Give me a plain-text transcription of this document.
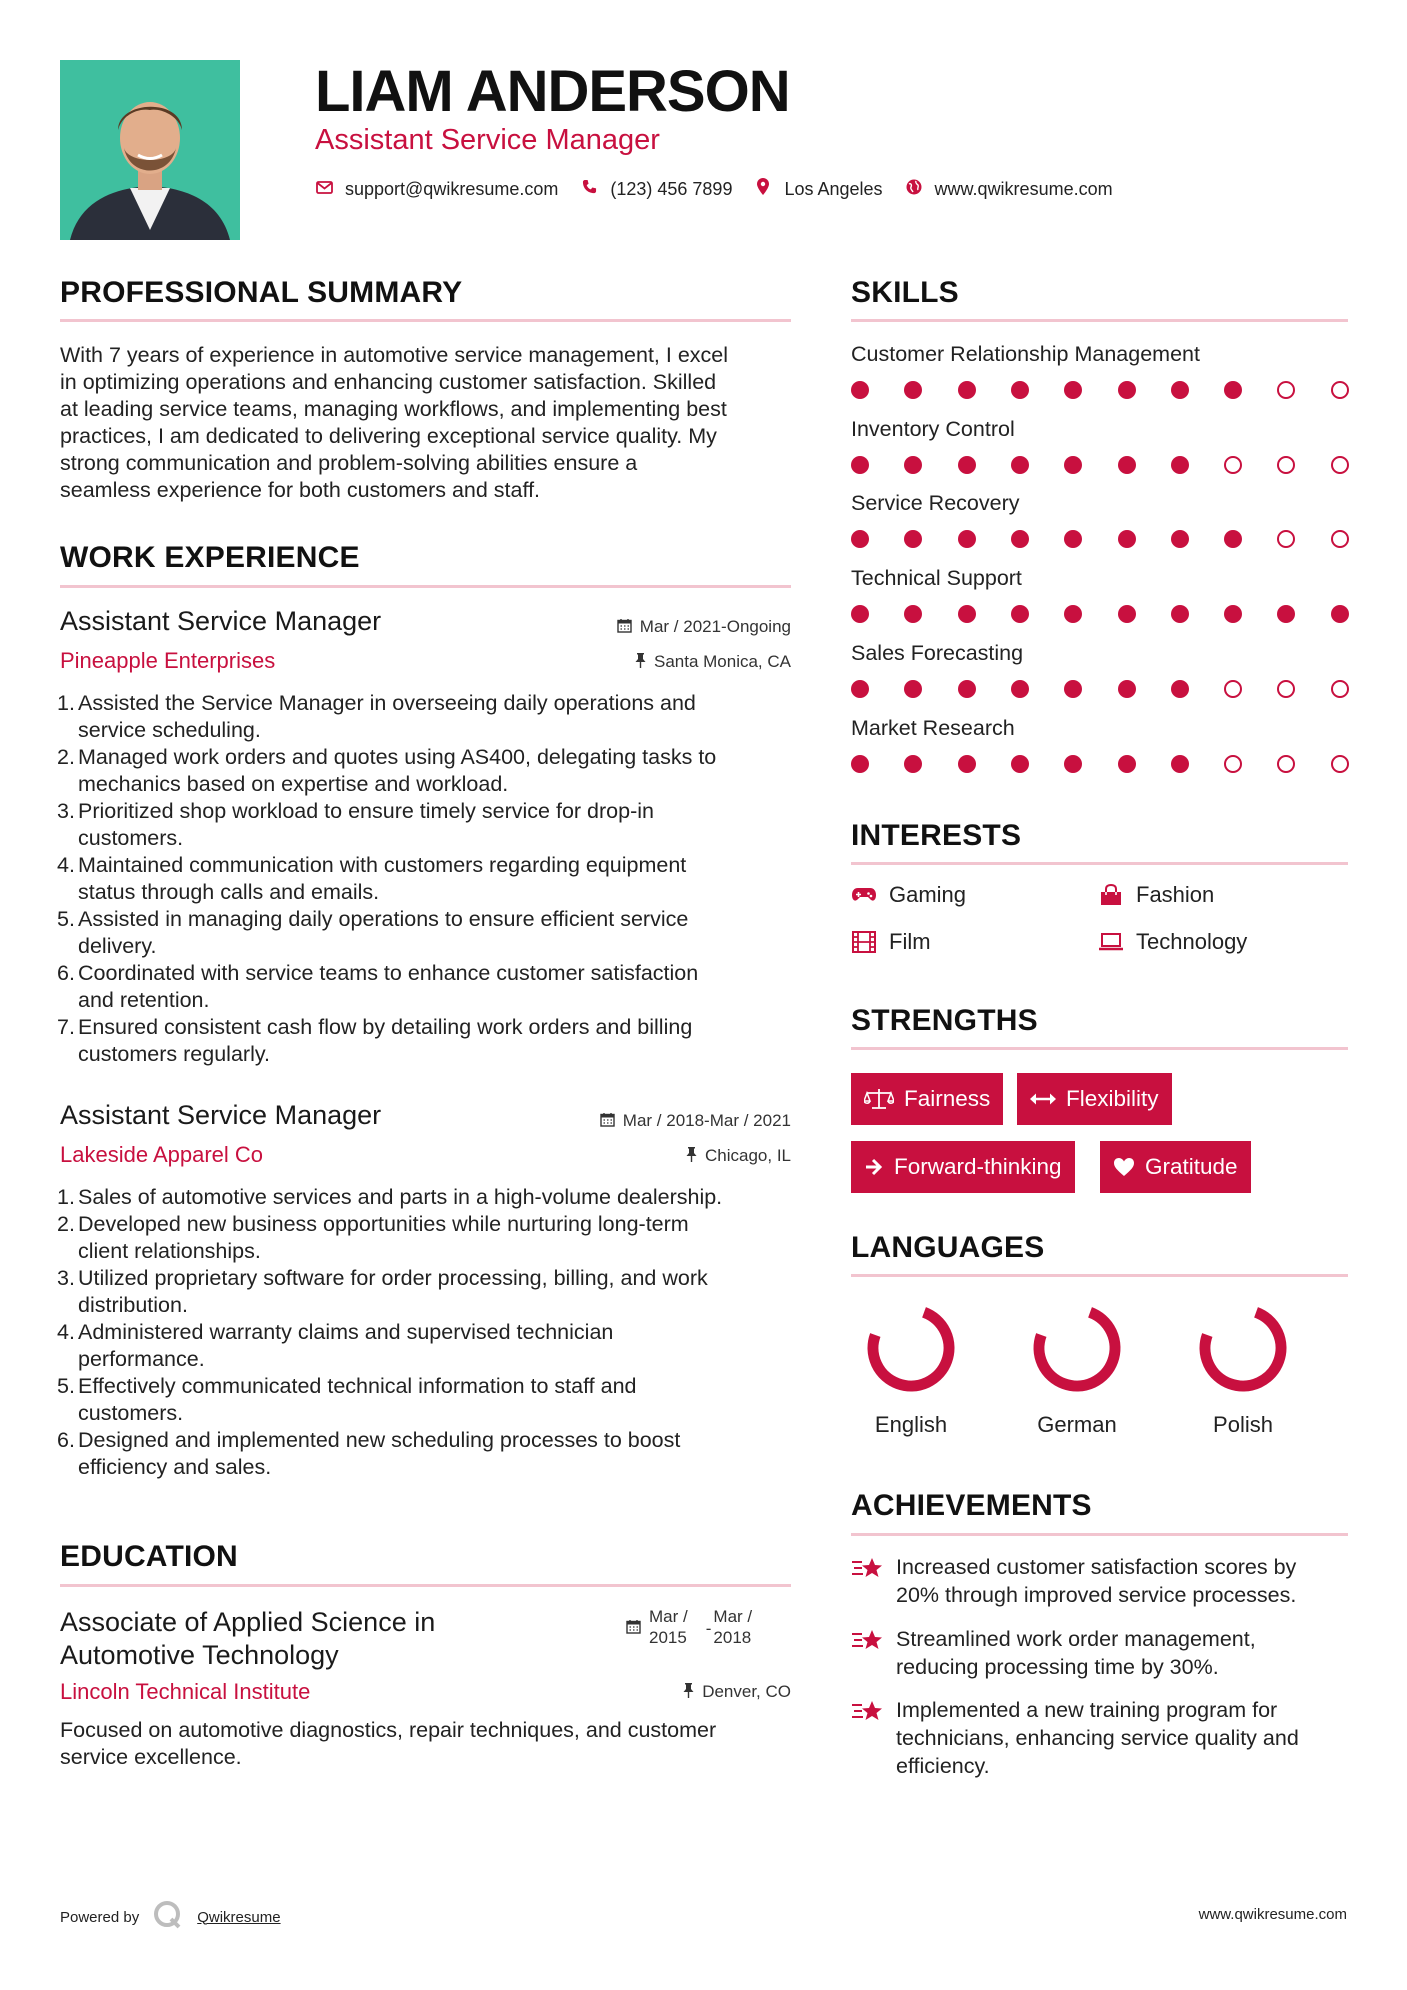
LIAM ANDERSON
Assistant Service Manager
support@qwikresume.com	(123) 456 7899	Los Angeles	www.qwikresume.com
PROFESSIONAL SUMMARY
With 7 years of experience in automotive service management, I excel
in optimizing operations and enhancing customer satisfaction. Skilled
at leading service teams, managing workflows, and implementing best
practices, I am dedicated to delivering exceptional service quality. My
strong communication and problem-solving abilities ensure a
seamless experience for both customers and staff.
WORK EXPERIENCE
Assistant Service Manager	Mar / 2021-Ongoing
Pineapple Enterprises	Santa Monica, CA
1. Assisted the Service Manager in overseeing daily operations and
service scheduling.
2. Managed work orders and quotes using AS400, delegating tasks to
mechanics based on expertise and workload.
3. Prioritized shop workload to ensure timely service for drop-in
customers.
4. Maintained communication with customers regarding equipment
status through calls and emails.
5. Assisted in managing daily operations to ensure efficient service
delivery.
6. Coordinated with service teams to enhance customer satisfaction
and retention.
7. Ensured consistent cash flow by detailing work orders and billing
customers regularly.
Assistant Service Manager	Mar / 2018-Mar / 2021
Lakeside Apparel Co	Chicago, IL
1. Sales of automotive services and parts in a high-volume dealership.
2. Developed new business opportunities while nurturing long-term
client relationships.
3. Utilized proprietary software for order processing, billing, and work
distribution.
4. Administered warranty claims and supervised technician
performance.
5. Effectively communicated technical information to staff and
customers.
6. Designed and implemented new scheduling processes to boost
efficiency and sales.
EDUCATION
Associate of Applied Science in
Automotive Technology
Mar /
2015 -
Mar /
2018
Lincoln Technical Institute	Denver, CO
Focused on automotive diagnostics, repair techniques, and customer
service excellence.
SKILLS
Customer Relationship Management
Inventory Control
Service Recovery
Technical Support
Sales Forecasting
Market Research
INTERESTS
Gaming	Fashion
Film	Technology
STRENGTHS
Fairness	Flexibility
Forward-thinking	Gratitude
LANGUAGES
English	German	Polish
ACHIEVEMENTS
Increased customer satisfaction scores by
20% through improved service processes.
Streamlined work order management,
reducing processing time by 30%.
Implemented a new training program for
technicians, enhancing service quality and
efficiency.
Powered by	Qwikresume	www.qwikresume.com
